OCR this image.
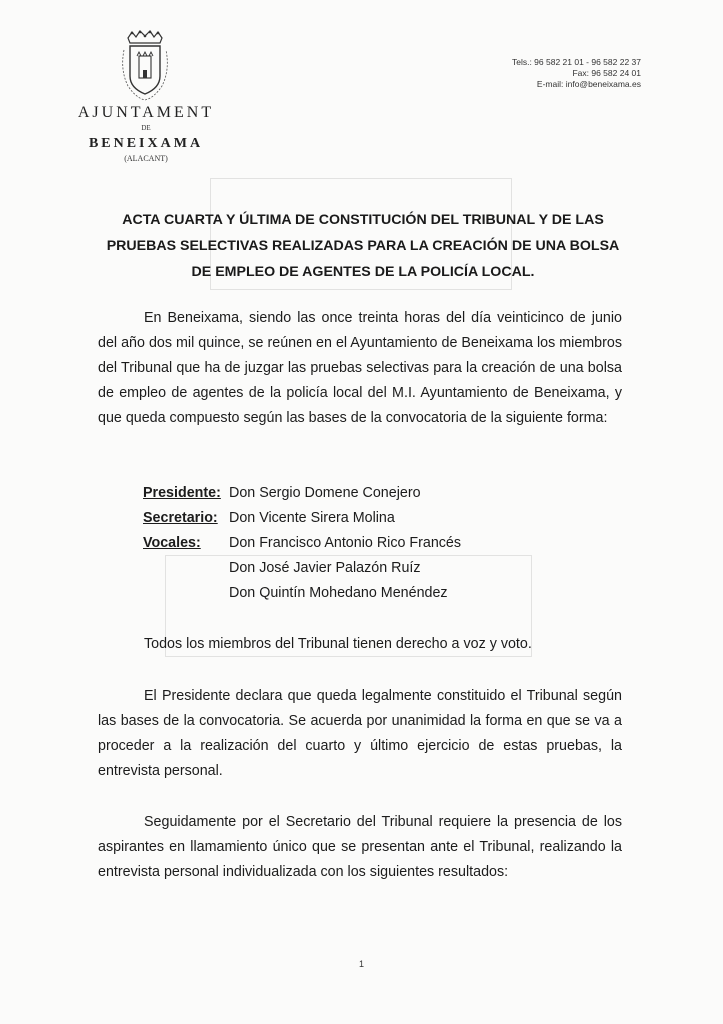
AJUNTAMENT
DE
BENEIXAMA
(ALACANT)
Tels.: 96 582 21 01 - 96 582 22 37
Fax: 96 582 24 01
E-mail: info@beneixama.es
ACTA CUARTA Y ÚLTIMA DE CONSTITUCIÓN DEL TRIBUNAL Y DE LAS PRUEBAS SELECTIVAS REALIZADAS PARA LA CREACIÓN DE UNA BOLSA DE EMPLEO DE AGENTES DE LA POLICÍA LOCAL.
En Beneixama, siendo las once treinta horas del día veinticinco de junio del año dos mil quince, se reúnen en el Ayuntamiento de Beneixama los miembros del Tribunal que ha de juzgar las pruebas selectivas para la creación de una bolsa de empleo de agentes de la policía local del M.I. Ayuntamiento de Beneixama, y que queda compuesto según las bases de la convocatoria de la siguiente forma:
Presidente: Don Sergio Domene Conejero
Secretario: Don Vicente Sirera Molina
Vocales: Don Francisco Antonio Rico Francés
Don José Javier Palazón Ruíz
Don Quintín Mohedano Menéndez
Todos los miembros del Tribunal tienen derecho a voz y voto.
El Presidente declara que queda legalmente constituido el Tribunal según las bases de la convocatoria. Se acuerda por unanimidad la forma en que se va a proceder a la realización del cuarto y último ejercicio de estas pruebas, la entrevista personal.
Seguidamente por el Secretario del Tribunal requiere la presencia de los aspirantes en llamamiento único que se presentan ante el Tribunal, realizando la entrevista personal individualizada con los siguientes resultados:
1
